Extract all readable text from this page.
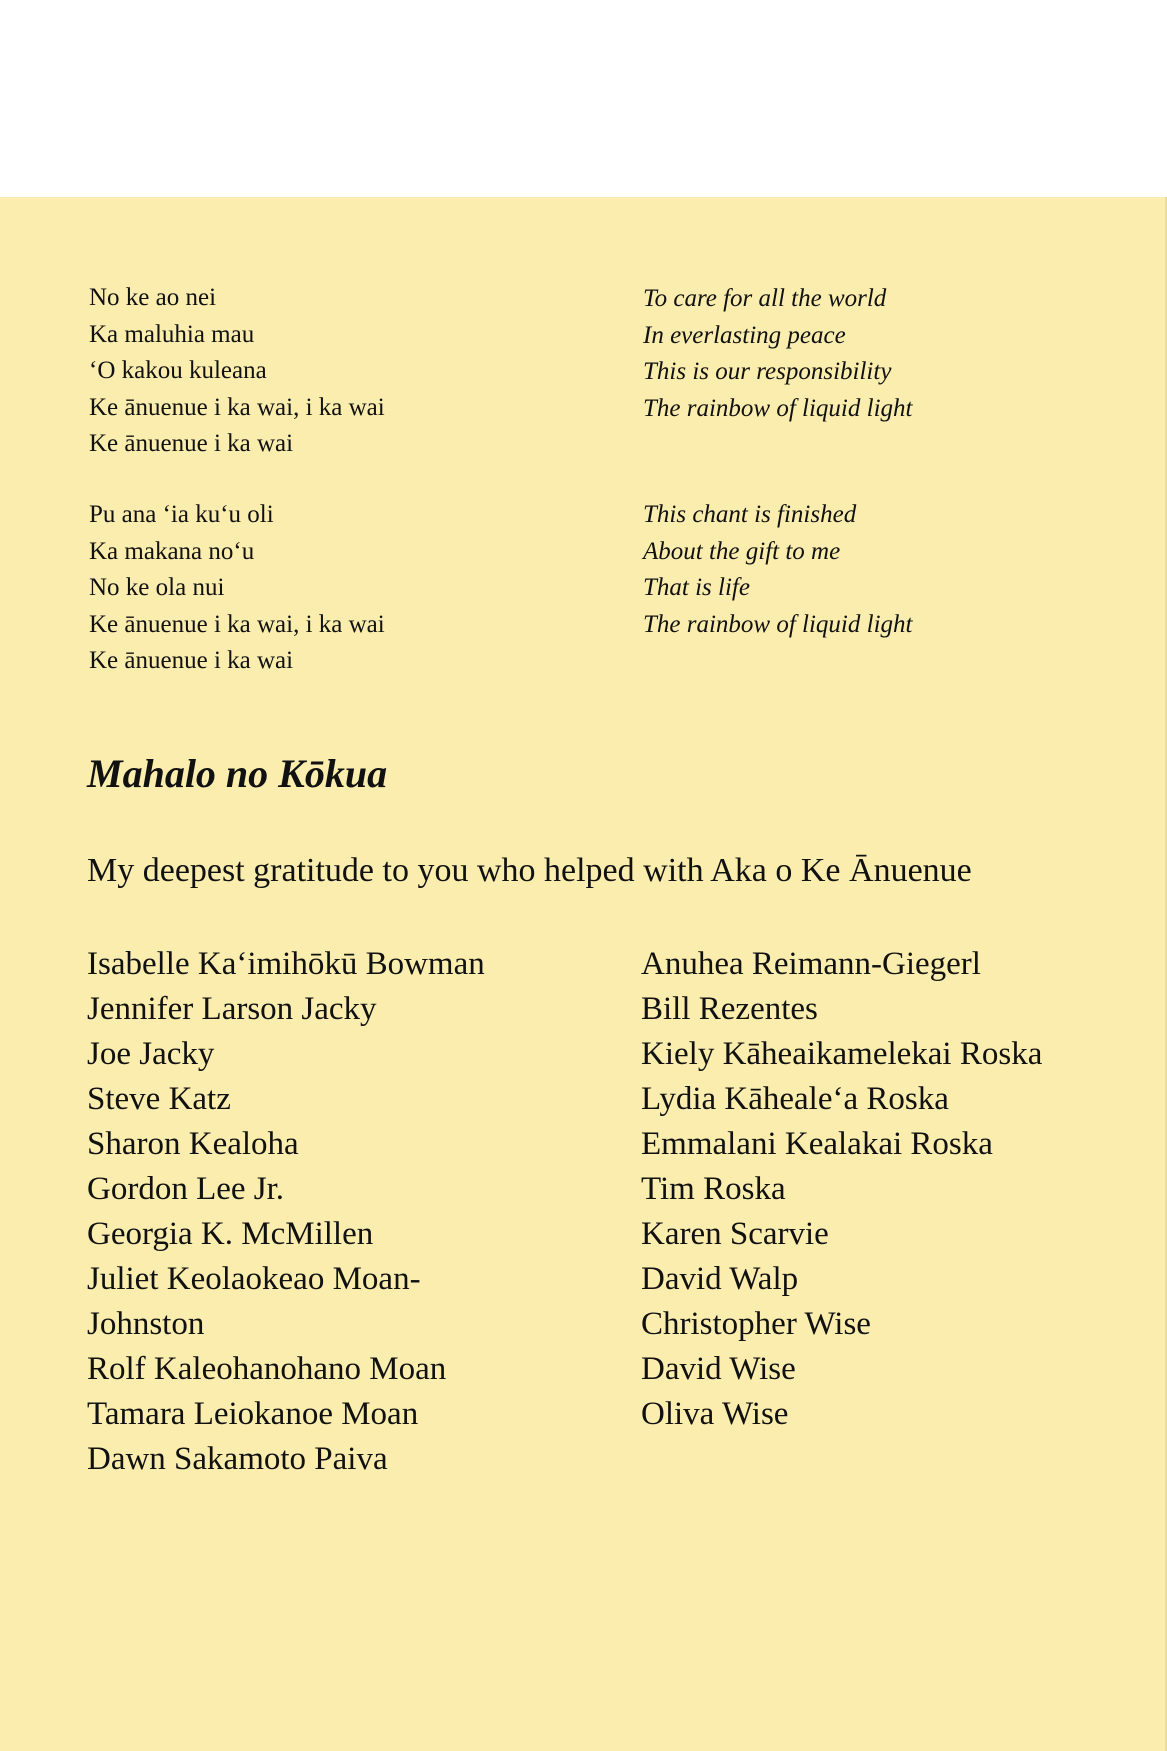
No ke ao nei
Ka maluhia mau
‘O kakou kuleana
Ke ānuenue i ka wai, i ka wai
Ke ānuenue i ka wai
To care for all the world
In everlasting peace
This is our responsibility
The rainbow of liquid light
Pu ana ‘ia ku‘u oli
Ka makana no‘u
No ke ola nui
Ke ānuenue i ka wai, i ka wai
Ke ānuenue i ka wai
This chant is finished
About the gift to me
That is life
The rainbow of liquid light
Mahalo no Kōkua
My deepest gratitude to you who helped with Aka o Ke Ānuenue
Isabelle Ka‘imihōkū Bowman
Jennifer Larson Jacky
Joe Jacky
Steve Katz
Sharon Kealoha
Gordon Lee Jr.
Georgia K. McMillen
Juliet Keolaokeao Moan-
Johnston
Rolf Kaleohanohano Moan
Tamara Leiokanoe Moan
Dawn Sakamoto Paiva
Anuhea Reimann-Giegerl
Bill Rezentes
Kiely Kāheaikamelekai Roska
Lydia Kāheale‘a Roska
Emmalani Kealakai Roska
Tim Roska
Karen Scarvie
David Walp
Christopher Wise
David Wise
Oliva Wise
